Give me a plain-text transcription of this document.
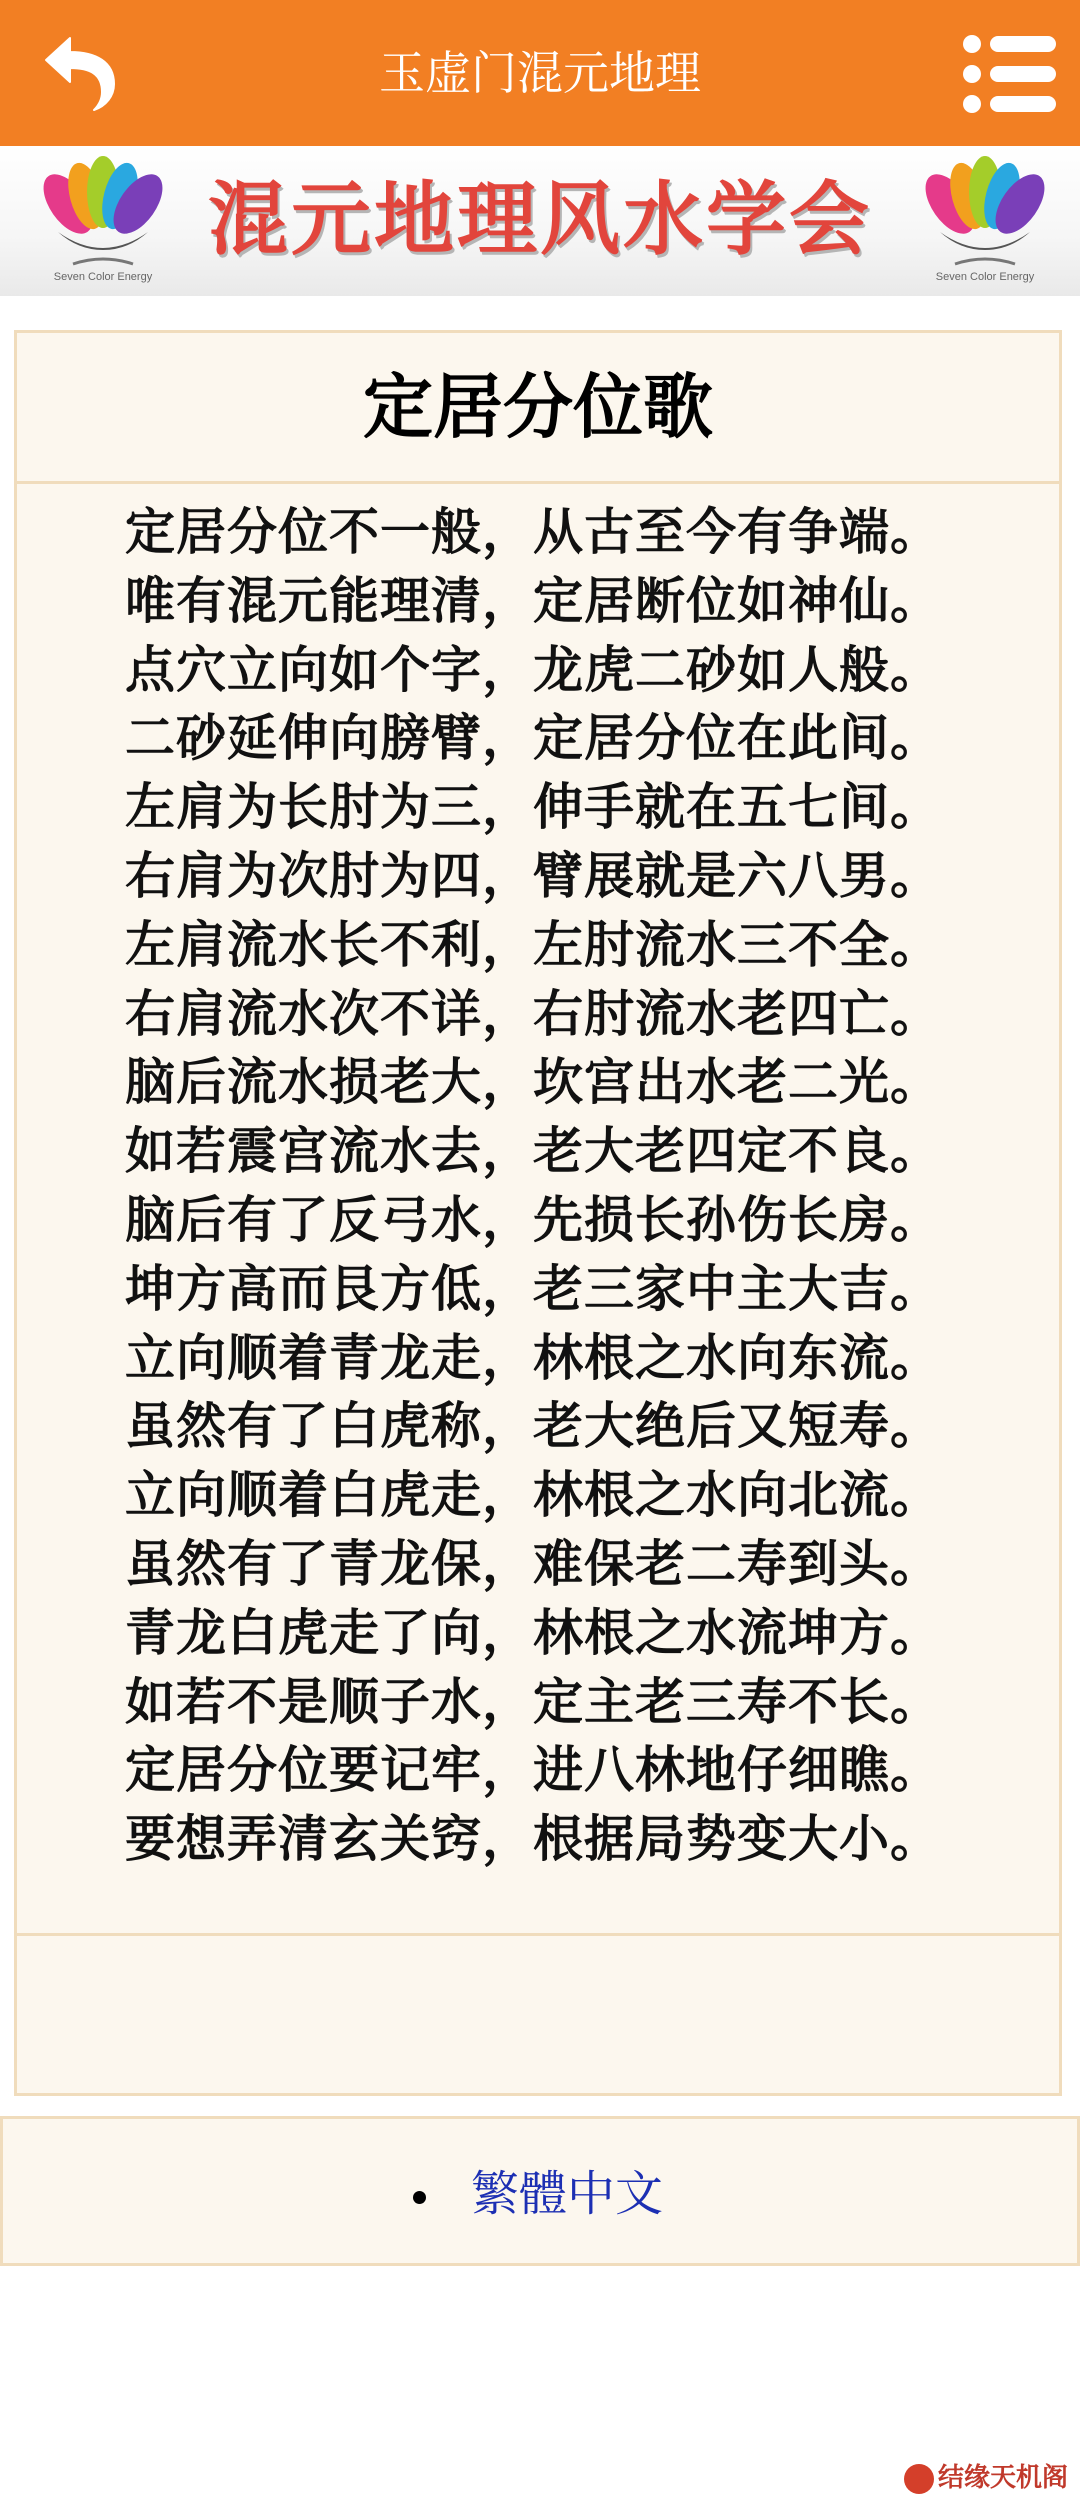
玉虚门混元地理
Seven Color Energy
混元地理风水学会
Seven Color Energy
定居分位歌
定居分位不一般，从古至今有争端。
唯有混元能理清，定居断位如神仙。
点穴立向如个字，龙虎二砂如人般。
二砂延伸向膀臂，定居分位在此间。
左肩为长肘为三，伸手就在五七间。
右肩为次肘为四，臂展就是六八男。
左肩流水长不利，左肘流水三不全。
右肩流水次不详，右肘流水老四亡。
脑后流水损老大，坎宫出水老二光。
如若震宫流水去，老大老四定不良。
脑后有了反弓水，先损长孙伤长房。
坤方高而艮方低，老三家中主大吉。
立向顺着青龙走，林根之水向东流。
虽然有了白虎称，老大绝后又短寿。
立向顺着白虎走，林根之水向北流。
虽然有了青龙保，难保老二寿到头。
青龙白虎走了向，林根之水流坤方。
如若不是顺子水，定主老三寿不长。
定居分位要记牢，进八林地仔细瞧。
要想弄清玄关窍，根据局势变大小。
繁體中文
结缘天机阁
